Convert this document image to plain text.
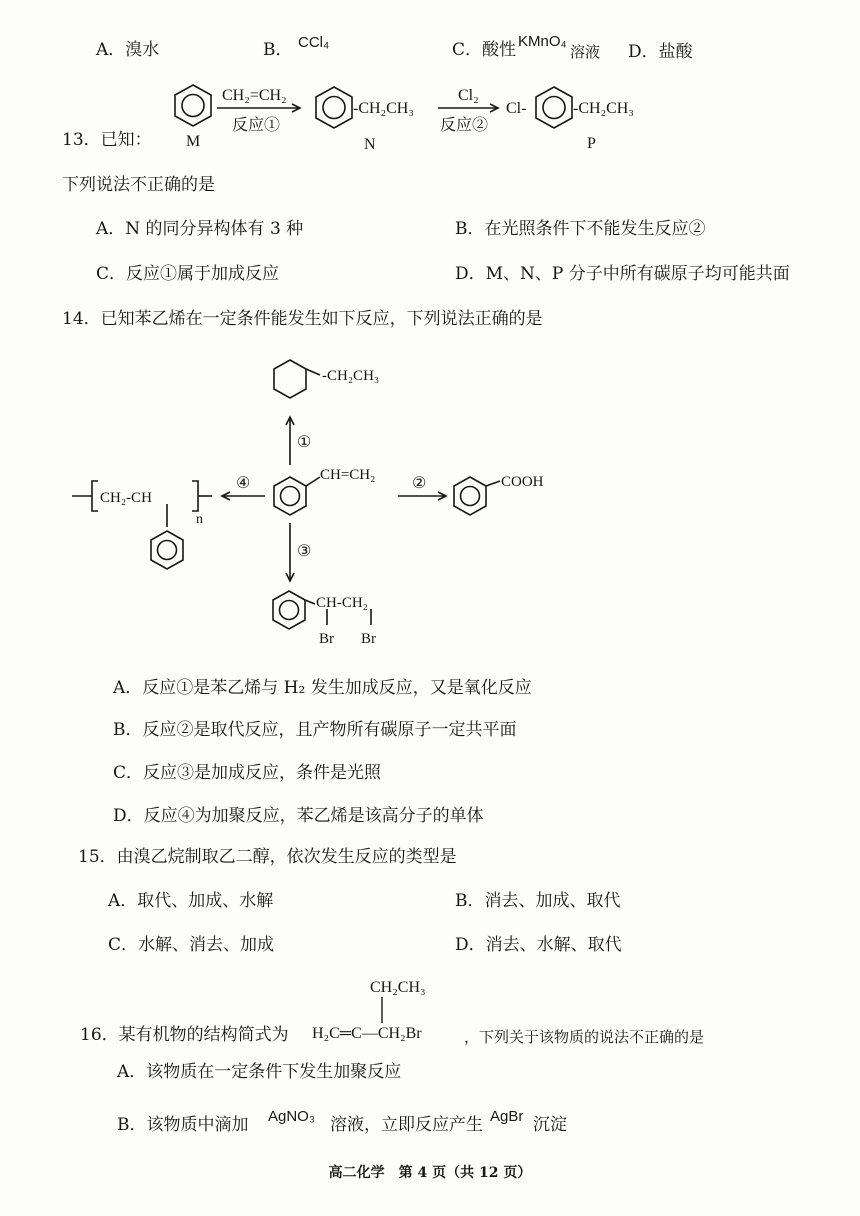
A．溴水	B． CCl₄	C．酸性 KMnO₄
溶液 D．盐酸
13．已知：
CH₂=CH₂
反应①
M
-CH₂CH₃
N
Cl₂
反应②
Cl-	-CH₂CH₃
P
下列说法不正确的是
A．N 的同分异构体有 3 种	B．在光照条件下不能发生反应②
C．反应①属于加成反应	D．M、N、P 分子中所有碳原子均可能共面
14．已知苯乙烯在一定条件能发生如下反应，下列说法正确的是
-CH₂CH₃
①
CH=CH₂ ②	COOH
④
③
CH-CH₂
Br Br
CH₂-CH
n
A．反应①是苯乙烯与 H₂ 发生加成反应，又是氧化反应
B．反应②是取代反应，且产物所有碳原子一定共平面
C．反应③是加成反应，条件是光照
D．反应④为加聚反应，苯乙烯是该高分子的单体
15．由溴乙烷制取乙二醇，依次发生反应的类型是
A．取代、加成、水解	B．消去、加成、取代
C．水解、消去、加成	D．消去、水解、取代
CH₂CH₃
16．某有机物的结构简式为 H₂C═C—CH₂Br	，下列关于该物质的说法不正确的是
A．该物质在一定条件下发生加聚反应
B．该物质中滴加 AgNO₃ 溶液，立即反应产生 AgBr 沉淀
高二化学　第 4 页（共 12 页）
